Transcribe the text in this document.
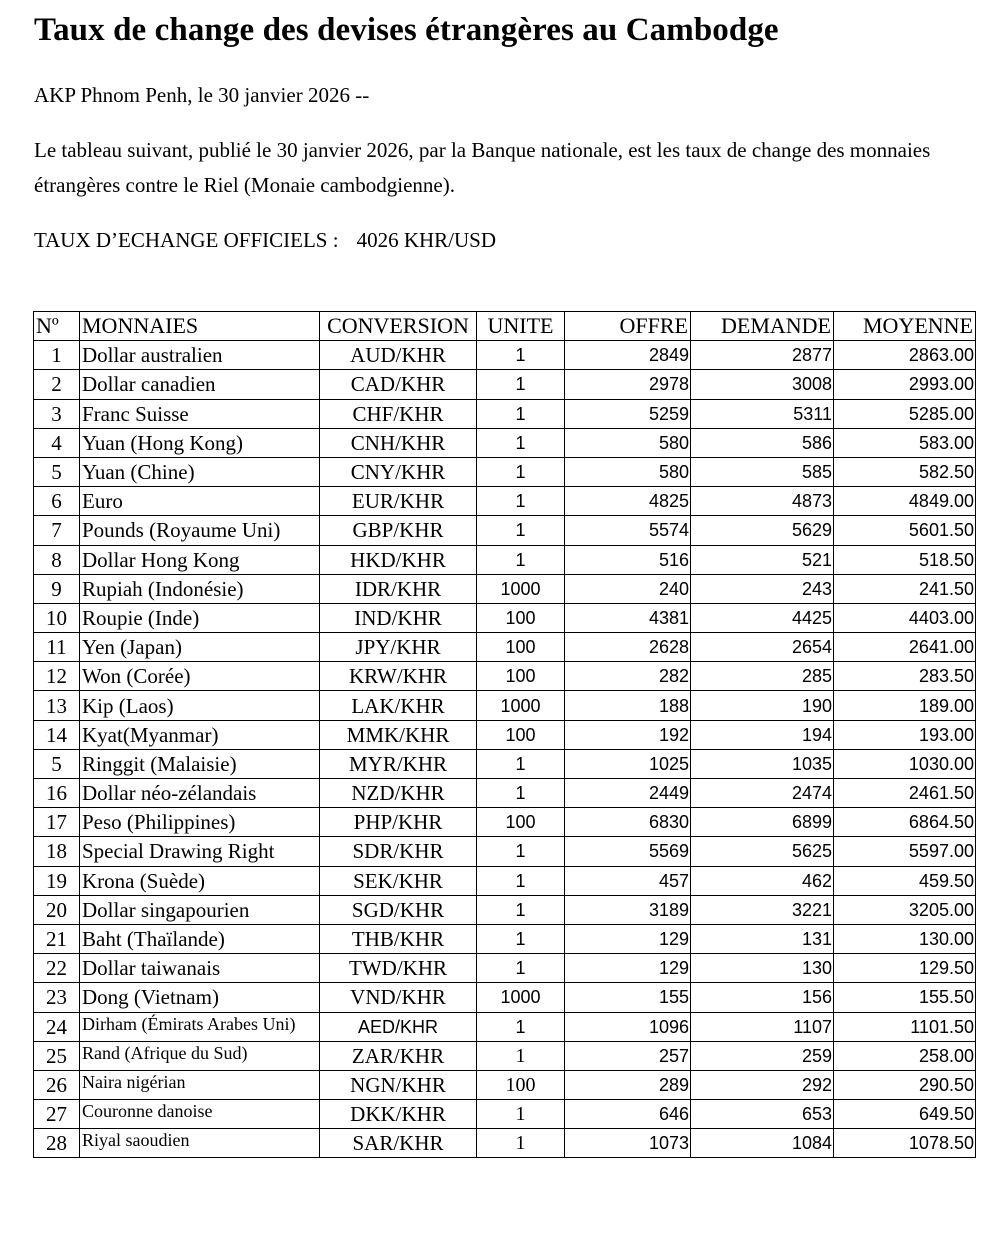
Taux de change des devises étrangères au Cambodge
AKP Phnom Penh, le 30 janvier 2026 --
Le tableau suivant, publié le 30 janvier 2026, par la Banque nationale, est les taux de change des monnaies étrangères contre le Riel (Monaie cambodgienne).
TAUX D’ECHANGE OFFICIELS : 4026 KHR/USD
Nº	MONNAIES	CONVERSION	UNITE	OFFRE	DEMANDE	MOYENNE
1	Dollar australien	AUD/KHR	1	2849	2877	2863.00
2	Dollar canadien	CAD/KHR	1	2978	3008	2993.00
3	Franc Suisse	CHF/KHR	1	5259	5311	5285.00
4	Yuan (Hong Kong)	CNH/KHR	1	580	586	583.00
5	Yuan (Chine)	CNY/KHR	1	580	585	582.50
6	Euro	EUR/KHR	1	4825	4873	4849.00
7	Pounds (Royaume Uni)	GBP/KHR	1	5574	5629	5601.50
8	Dollar Hong Kong	HKD/KHR	1	516	521	518.50
9	Rupiah (Indonésie)	IDR/KHR	1000	240	243	241.50
10	Roupie (Inde)	IND/KHR	100	4381	4425	4403.00
11	Yen (Japan)	JPY/KHR	100	2628	2654	2641.00
12	Won (Corée)	KRW/KHR	100	282	285	283.50
13	Kip (Laos)	LAK/KHR	1000	188	190	189.00
14	Kyat(Myanmar)	MMK/KHR	100	192	194	193.00
5	Ringgit (Malaisie)	MYR/KHR	1	1025	1035	1030.00
16	Dollar néo-zélandais	NZD/KHR	1	2449	2474	2461.50
17	Peso (Philippines)	PHP/KHR	100	6830	6899	6864.50
18	Special Drawing Right	SDR/KHR	1	5569	5625	5597.00
19	Krona (Suède)	SEK/KHR	1	457	462	459.50
20	Dollar singapourien	SGD/KHR	1	3189	3221	3205.00
21	Baht (Thaïlande)	THB/KHR	1	129	131	130.00
22	Dollar taiwanais	TWD/KHR	1	129	130	129.50
23	Dong (Vietnam)	VND/KHR	1000	155	156	155.50
24	Dirham (Émirats Arabes Uni)	AED/KHR	1	1096	1107	1101.50
25	Rand (Afrique du Sud)	ZAR/KHR	1	257	259	258.00
26	Naira nigérian	NGN/KHR	100	289	292	290.50
27	Couronne danoise	DKK/KHR	1	646	653	649.50
28	Riyal saoudien	SAR/KHR	1	1073	1084	1078.50
